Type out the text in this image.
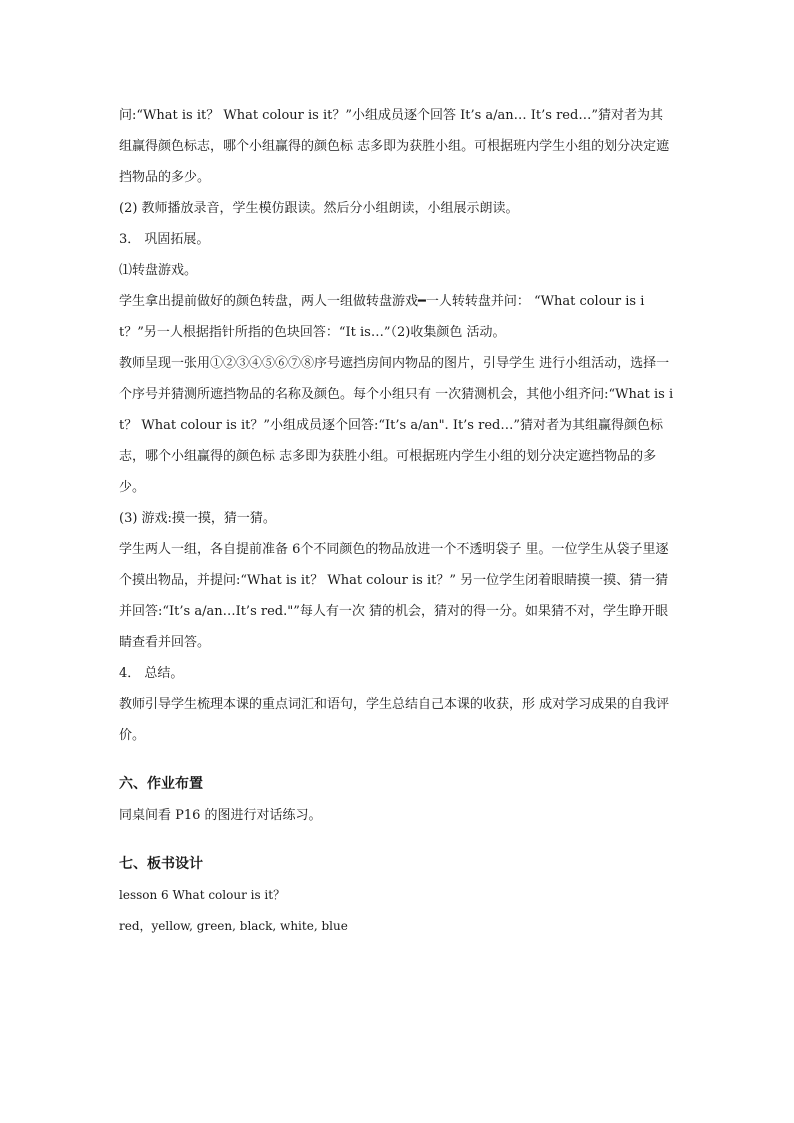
问:“What is it？ What colour is it？”小组成员逐个回答 It’s a/an… It’s red…”猜对者为其组赢得颜色标志，哪个小组赢得的颜色标 志多即为获胜小组。可根据班内学生小组的划分决定遮挡物品的多少。

(2) 教师播放录音，学生模仿跟读。然后分小组朗读，小组展示朗读。

3． 巩固拓展。

⑴转盘游戏。

学生拿出提前做好的颜色转盘，两人一组做转盘游戏━一人转转盘并问： “What colour is it？”另一人根据指针所指的色块回答：“It is…”（2)收集颜色 活动。

教师呈现一张用①②③④⑤⑥⑦⑧序号遮挡房间内物品的图片，引导学生 进行小组活动，选择一个序号并猜测所遮挡物品的名称及颜色。每个小组只有 一次猜测机会，其他小组齐问:“What is it？ What colour is it？”小组成员逐个回答:“It’s a/an". It’s red…”猜对者为其组赢得颜色标志，哪个小组赢得的颜色标 志多即为获胜小组。可根据班内学生小组的划分决定遮挡物品的多少。

(3) 游戏:摸一摸，猜一猜。

学生两人一组，各自提前准备 6个不同颜色的物品放进一个不透明袋子 里。一位学生从袋子里逐个摸出物品，并提问:“What is it？ What colour is it？” 另一位学生闭着眼睛摸一摸、猜一猜并回答:“It’s a/an…It’s red."”每人有一次 猜的机会，猜对的得一分。如果猜不对，学生睁开眼睛查看并回答。

4． 总结。

教师引导学生梳理本课的重点词汇和语句，学生总结自己本课的收获，形 成对学习成果的自我评价。

六、作业布置

同桌间看 P16 的图进行对话练习。

七、板书设计

lesson 6 What colour is it？

red，yellow, green, black, white, blue
